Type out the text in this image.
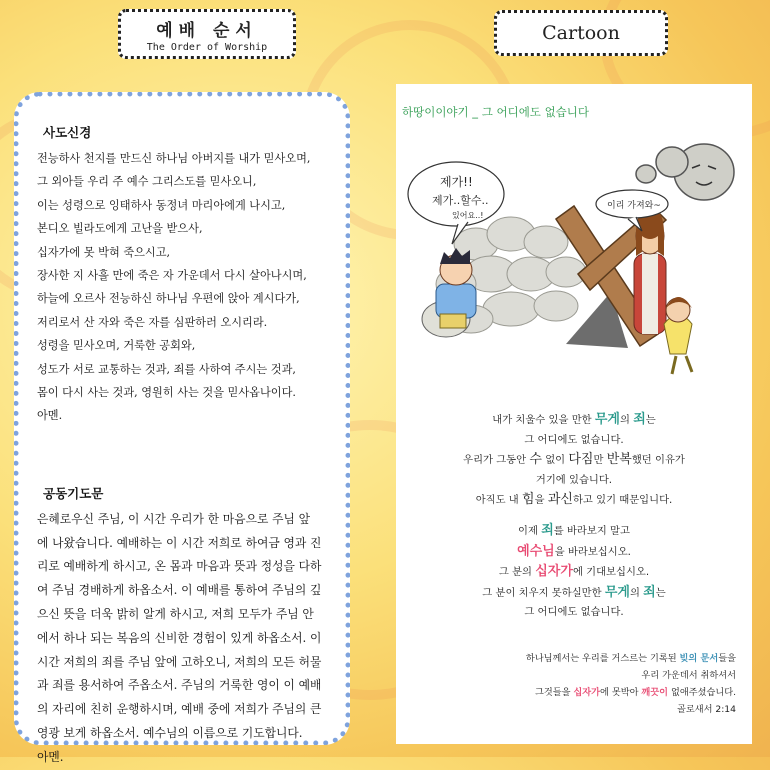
예배 순서
The Order of Worship
Cartoon
사도신경
전능하사 천지를 만드신 하나님 아버지를 내가 믿사오며,
그 외아들 우리 주 예수 그리스도를 믿사오니,
이는 성령으로 잉태하사 동정녀 마리아에게 나시고,
본디오 빌라도에게 고난을 받으사,
십자가에 못 박혀 죽으시고,
장사한 지 사흘 만에 죽은 자 가운데서 다시 살아나시며,
하늘에 오르사 전능하신 하나님 우편에 앉아 계시다가,
저리로서 산 자와 죽은 자를 심판하러 오시리라.
성령을 믿사오며, 거룩한 공회와,
성도가 서로 교통하는 것과, 죄를 사하여 주시는 것과,
몸이 다시 사는 것과, 영원히 사는 것을 믿사옵나이다.
아멘.
공동기도문
은혜로우신 주님, 이 시간 우리가 한 마음으로 주님 앞
에 나왔습니다. 예배하는 이 시간 저희로 하여금 영과 진
리로 예배하게 하시고, 온 몸과 마음과 뜻과 정성을 다하
여 주님 경배하게 하옵소서. 이 예배를 통하여 주님의 깊
으신 뜻을 더욱 밝히 알게 하시고, 저희 모두가 주님 안
에서 하나 되는 복음의 신비한 경험이 있게 하옵소서. 이
시간 저희의 죄를 주님 앞에 고하오니, 저희의 모든 허물
과 죄를 용서하여 주옵소서. 주님의 거룩한 영이 이 예배
의 자리에 친히 운행하시며, 예배 중에 저희가 주님의 큰
영광 보게 하옵소서. 예수님의 이름으로 기도합니다.
아멘.
하땅이이야기 _ 그 어디에도 없습니다
제가!!
제가..할수..
있어요..!
이리 가져와~
내가 치울수 있을 만한 무게의 죄는
그 어디에도 없습니다.
우리가 그동안 수 없이 다짐만 반복했던 이유가
거기에 있습니다.
아직도 내 힘을 과신하고 있기 때문입니다.
이제 죄를 바라보지 말고
예수님을 바라보십시오.
그 분의 십자가에 기대보십시오.
그 분이 치우지 못하실만한 무게의 죄는
그 어디에도 없습니다.
하나님께서는 우리를 거스르는 기록된 빚의 문서들을
우리 가운데서 취하셔서
그것들을 십자가에 못박아 깨끗이 없애주셨습니다.
골로새서 2:14
